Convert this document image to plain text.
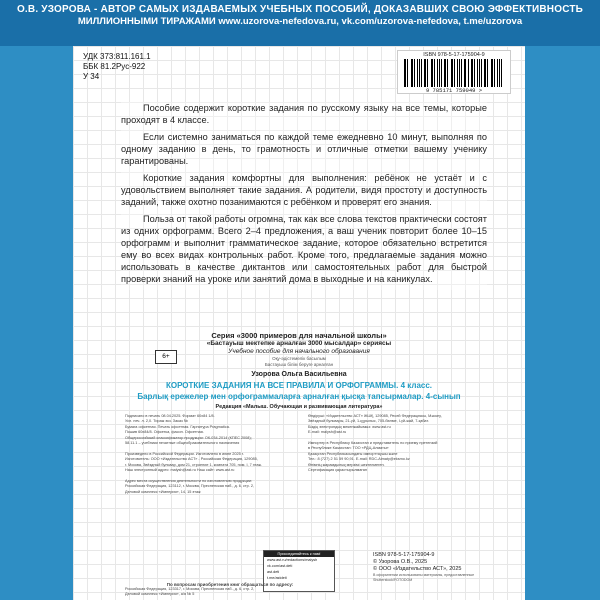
О.В. УЗОРОВА - АВТОР САМЫХ ИЗДАВАЕМЫХ УЧЕБНЫХ ПОСОБИЙ, ДОКАЗАВШИХ СВОЮ ЭФФЕКТИВНОСТЬ
МИЛЛИОННЫМИ ТИРАЖАМИ www.uzorova-nefedova.ru, vk.com/uzorova-nefedova, t.me/uzorova
УДК 373:811.161.1
ББК 81.2Рус-922
У 34
ISBN 978-5-17-175904-9
9 785171 759049 >

Пособие содержит короткие задания по русскому языку на все темы, которые проходят в 4 классе.

Если системно заниматься по каждой теме ежедневно 10 минут, выполняя по одному заданию в день, то грамотность и отличные отметки вашему ученику гарантированы.

Короткие задания комфортны для выполнения: ребёнок не устаёт и с удовольствием выполняет такие задания. А родители, видя простоту и доступность заданий, также охотно позанимаются с ребёнком и проверят его знания.

Польза от такой работы огромна, так как все слова текстов практически состоят из одних орфограмм. Всего 2–4 предложения, а ваш ученик повторит более 10–15 орфограмм и выполнит грамматическое задание, которое обязательно встретится ему во всех видах контрольных работ. Кроме того, предлагаемые задания можно использовать в качестве диктантов или самостоятельных работ для быстрой проверки знаний на уроке или занятий дома в выходные и на каникулах.

Серия «3000 примеров для начальной школы»
«Бастауыш мектепке арналған 3000 мысалдар» сериясы
Учебное пособие для начального образования
Оқу-әдістемелік басылым
Бастауыш білім беруге арналған
6+
Узорова Ольга Васильевна
КОРОТКИЕ ЗАДАНИЯ НА ВСЕ ПРАВИЛА И ОРФОГРАММЫ. 4 класс.
Барлық ережелер мен орфограммаларға арналған қысқа тапсырмалар. 4-сынып
Редакция «Малыш. Обучающая и развивающая литература»
Подписано в печать 08.04.2025. Формат 60х84 1/8.
Усл. печ. л. 2,0. Тираж экз. Заказ №
Бумага офсетная. Печать офсетная. Гарнитура Pragmatica.
Пошив 60х84/8. Офсетка, фасон. Офсетная.
Общероссийский классификатор продукции: ОК-034-2014 (КПЕС 2008);
58.11.1 – учебники печатные общеобразовательного назначения

Произведено в Российской Федерации. Изготовлено в июне 2025 г.
Изготовитель: ООО «Издательство АСТ» - Российская Федерация, 129085,
г. Москва, Звёздный бульвар, дом 21, строение 1, комната 705, пом. I, 7 этаж.
Наш электронный адрес: malysh@ast.ru Наш сайт: www.ast.ru

Адрес места осуществления деятельности по изготовлению продукции:
Российская Федерация, 123112, г. Москва, Пресненская наб., д. 6, стр. 2,
Деловой комплекс «Империя», 14, 15 этаж
Өндіруші: «Издательство АСТ» ЖШҚ, 129085, Ресей Федерациясы, Мәскеу,
Звёздный бульвары, 21-үй, 1-құрылыс, 705-бөлме, I-үй-жай, 7-қабат.
Біздің электрондық мекенжайымыз: www.ast.ru
E-mail: malysh@ast.ru

Импортер в Республику Казахстан и представитель по приему претензий
в Республике Казахстан: ТОО «РДЦ-Алматы»
Қазақстан Республикасындағы импорттаушы және
Тел.: 8 (727) 2 51 59 90,91. E-mail: RDC-Almaty@eksmo.kz
Өнімнің жарамдылық мерзімі шектелмеген.
Сертификация қарастырылмаған
Присоединяйтесь к нам!
www.ast.ru/redactions/malysh
vk.com/ast.deti
ast.deti
t.me/astdeti
ISBN 978-5-17-175904-9
© Узорова О.В., 2025
© ООО «Издательство АСТ», 2025
В оформлении использованы материалы, предоставленные Shutterstock/FOTODOM
По вопросам приобретения книг обращаться по адресу:
Российская Федерация, 123317, г. Москва, Пресненская наб., д. 6, стр. 2,
Деловой комплекс «Империя», а/я № 5
